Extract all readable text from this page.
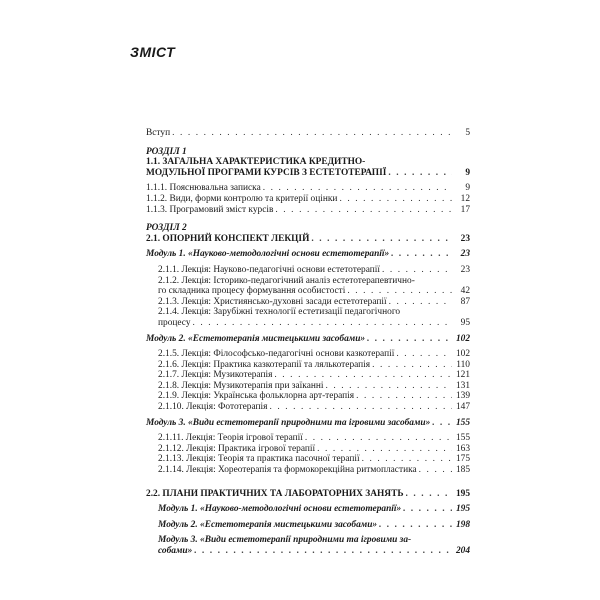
ЗМІСТ
Вступ . . .	5
РОЗДІЛ 1
1.1. ЗАГАЛЬНА ХАРАКТЕРИСТИКА КРЕДИТНО-
МОДУЛЬНОЇ ПРОГРАМИ КУРСІВ З ЕСТЕТОТЕРАПІЇ . . .	9
1.1.1. Пояснювальна записка . . .	9
1.1.2. Види, форми контролю та критерії оцінки . . .	12
1.1.3. Програмовий зміст курсів . . .	17
РОЗДІЛ 2
2.1. ОПОРНИЙ КОНСПЕКТ ЛЕКЦІЙ . . .	23
Модуль 1. «Науково-методологічні основи естетотерапії» . . .	23
2.1.1. Лекція: Науково-педагогічні основи естетотерапії . . .	23
2.1.2. Лекція: Історико-педагогічний аналіз естетотерапевтично-
го складника процесу формування особистості . . .	42
2.1.3. Лекція: Християнсько-духовні засади естетотерапії . . .	87
2.1.4. Лекція: Зарубіжні технології естетизації педагогічного
процесу . . .	95
Модуль 2. «Естетотерапія мистецькими засобами» . . .	102
2.1.5. Лекція: Філософсько-педагогічні основи казкотерапії . . .	102
2.1.6. Лекція: Практика казкотерапії та лялькотерапія . . .	110
2.1.7. Лекція: Музикотерапія . . .	121
2.1.8. Лекція: Музикотерапія при заїканні . . .	131
2.1.9. Лекція: Українська фольклорна арт-терапія . . .	139
2.1.10. Лекція: Фототерапія . . .	147
Модуль 3. «Види естетотерапії природними та ігровими засобами» . . .	155
2.1.11. Лекція: Теорія ігрової терапії . . .	155
2.1.12. Лекція: Практика ігрової терапії . . .	163
2.1.13. Лекція: Теорія та практика пасочної терапії . . .	175
2.1.14. Лекція: Хореотерапія та формокорекційна ритмопластика . . .	185
2.2. ПЛАНИ ПРАКТИЧНИХ ТА ЛАБОРАТОРНИХ ЗАНЯТЬ . . .	195
Модуль 1. «Науково-методологічні основи естетотерапії» . . .	195
Модуль 2. «Естетотерапія мистецькими засобами» . . .	198
Модуль 3. «Види естетотерапії природними та ігровими за-
собами» . . .	204
